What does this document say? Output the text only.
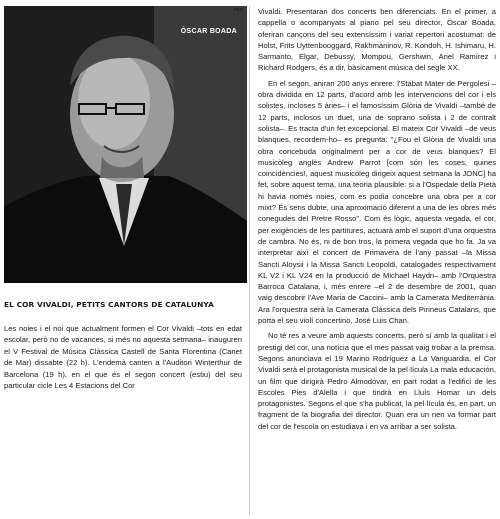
R&C
ÒSCAR BOADA
EL COR VIVALDI, PETITS CANTORS DE CATALUNYA

Les noies i el noi que actualment formen el Cor Vivaldi –tots en edat escolar, però no de vacances, si més no aquesta setmana– inauguren el V Festival de Música Clàssica Castell de Santa Florentina (Canet de Mar) dissabte (22 h). L'endemà canten a l'Auditori Winterthur de Barcelona (19 h), en el que és el segon concert (estiu) del seu particular cicle Les 4 Estacions del Cor

Vivaldi. Presentaran dos concerts ben diferenciats. En el primer, a cappella o acompanyats al piano pel seu director, Òscar Boada, oferiran cançons del seu extensíssim i variat repertori acostumat: de Holst, Frits Uyttenbooggard, Rakhmàninov, R. Kondoh, H. Ishimaru, H. Sarmanto, Elgar, Debussy, Mompou, Gershwin, Ariel Ramírez i Richard Rodgers, és a dir, bàsicament música del segle XX.

En el segon, aniran 200 anys enrere: l'Stabat Mater de Pergolesi –obra dividida en 12 parts, d'acord amb les intervencions del cor i els solistes, incloses 5 àries– i el famosíssim Glòria de Vivaldi –també de 12 parts, inclosos un duet, una de soprano solista i 2 de contralt solista–. Es tracta d'un fet excepcional. El mateix Cor Vivaldi –de veus blanques, recordem-ho– es pregunta: "¿Fou el Glòria de Vivaldi una obra concebuda originalment per a cor de veus blanques? El musicòleg anglès Andrew Parrot [com són les coses, quines coincidències!, aquest musicòleg dirigeix aquest setmana la JONC] ha fet, sobre aquest tema, una teoria plausible: si a l'Ospedale della Pietà hi havia només noies, com es podia concebre una obra per a cor mixt? És sens dubte, una aproximació diferent a una de les obres més conegudes del Pretre Rosso". Com és lògic, aquesta vegada, el cor, per exigències de les partitures, actuarà amb el suport d'una orquestra de cambra. No és, ni de bon tros, la primera vegada que ho fa. Ja va interpretar així el concert de Primavera de l'any passat –la Missa Sancti Aloysii i la Missa Sancti Leopoldi, catalogades respectivament KL V2 i KL V24 en la producció de Michael Haydn– amb l'Orquestra Barroca Catalana, i, més enrere –el 2 de desembre de 2001, quan vaig descobrir l'Ave Maria de Caccini– amb la Camerata Mediterrània. Ara l'orquestra serà la Camerata Clàssica dels Pirineus Catalans, que porta el seu violí concertino, José Luis Chan.

No té res a veure amb aquests concerts, però sí amb la qualitat i el prestigi del cor, una notícia que el mes passat vaig trobar a la premsa. Segons anunciava el 19 Marino Rodríguez a La Vanguardia, el Cor Vivaldi serà el protagonista musical de la pel·lícula La mala educación, un film que dirigirà Pedro Almodóvar, en part rodat a l'edifici de les Escoles Pies d'Alella i que tindrà en Lluís Homar un dels protagonistes. Segons el que s'ha publicat, la pel·lícula és, en part, un fragment de la biografia del director. Quan era un nen va formar part del cor de l'escola on estudiava i en va arribar a ser solista.
